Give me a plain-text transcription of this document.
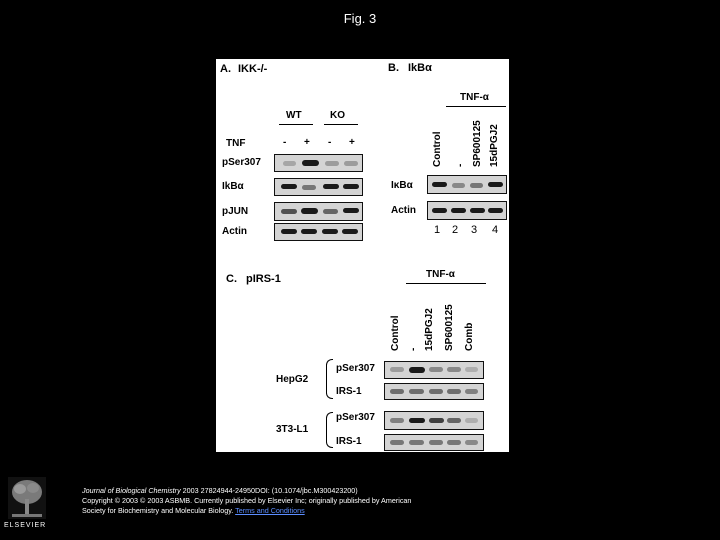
Fig. 3
A. IKK-/-
WT	KO
TNF	- + - +
pSer307
IkBα
pJUN
Actin
B. IkBα
TNF-α
Control - SP600125 15dPGJ2
IκBα
Actin
1 2 3 4
C. pIRS-1	TNF-α
Control - 15dPGJ2 SP600125 Comb
HepG2
pSer307
IRS-1
3T3-L1
pSer307
IRS-1
ELSEVIER
Journal of Biological Chemistry 2003 27824944-24950DOI: (10.1074/jbc.M300423200)
Copyright © 2003 © 2003 ASBMB. Currently published by Elsevier Inc; originally published by American
Society for Biochemistry and Molecular Biology. Terms and Conditions
